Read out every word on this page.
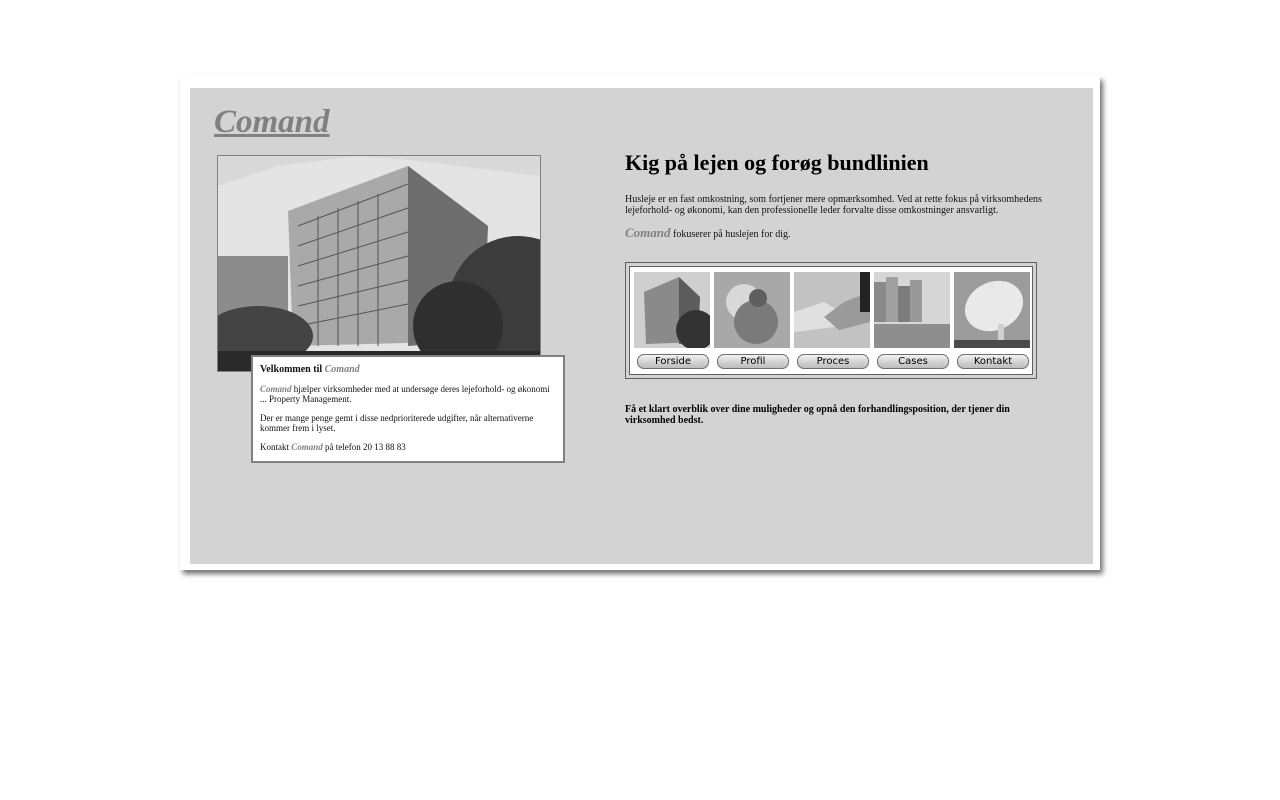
Comand
Velkommen til Comand

Comand hjælper virksomheder med at undersøge deres lejeforhold- og økonomi ... Property Management.

Der er mange penge gemt i disse nedprioriterede udgifter, når alternativerne kommer frem i lyset.

Kontakt Comand på telefon 20 13 88 83

Kig på lejen og forøg bundlinien

Husleje er en fast omkostning, som fortjener mere opmærksomhed. Ved at rette fokus på virksomhedens lejeforhold- og økonomi, kan den professionelle leder forvalte disse omkostninger ansvarligt.

Comand fokuserer på huslejen for dig.

Forside	Profil	Proces	Cases	Kontakt
Få et klart overblik over dine muligheder og opnå den forhandlingsposition, der tjener din virksomhed bedst.
